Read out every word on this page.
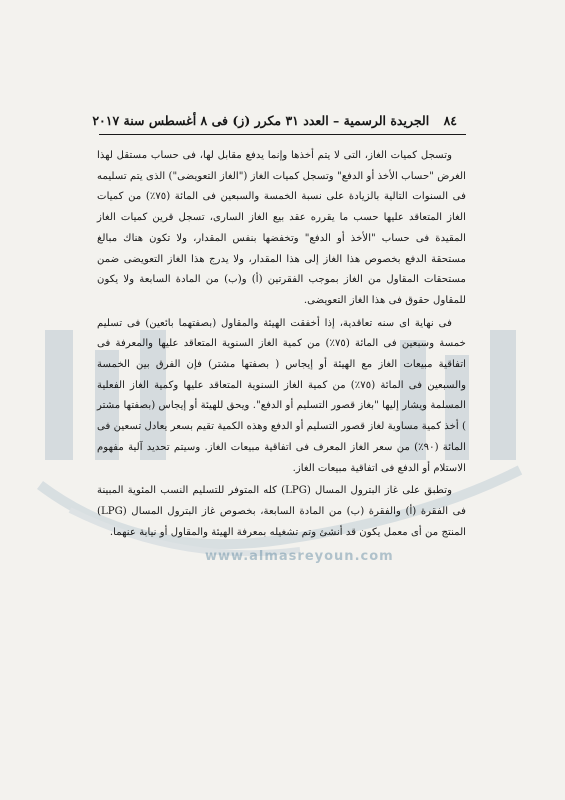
www.almasreyoun.com
٨٤ الجريدة الرسمية – العدد ٣١ مكرر (ز) فى ٨ أغسطس سنة ٢٠١٧

وتسجل كميات الغاز، التى لا يتم أخذها وإنما يدفع مقابل لها، فى حساب مستقل لهذا الغرض "حساب الأخذ أو الدفع" وتسجل كميات الغاز ("الغاز التعويضى") الذى يتم تسليمه فى السنوات التالية بالزيادة على نسبة الخمسة والسبعين فى المائة (٧٥٪) من كميات الغاز المتعاقد عليها حسب ما يقرره عقد بيع الغاز السارى، تسجل قرين كميات الغاز المقيدة فى حساب "الأخذ أو الدفع" وتخفضها بنفس المقدار، ولا تكون هناك مبالغ مستحقة الدفع بخصوص هذا الغاز إلى هذا المقدار، ولا يدرج هذا الغاز التعويضى ضمن مستحقات المقاول من الغاز بموجب الفقرتين (أ) و(ب) من المادة السابعة ولا يكون للمقاول حقوق فى هذا الغاز التعويضى.

فى نهاية اى سنه تعاقدية، إذا أخفقت الهيئة والمقاول (بصفتهما بائعين) فى تسليم خمسة وسبعين فى المائة (٧٥٪) من كمية الغاز السنوية المتعاقد عليها والمعرفة فى اتفاقية مبيعات الغاز مع الهيئة أو إيجاس ( بصفتها مشتر) فإن الفرق بين الخمسة والسبعين فى المائة (٧٥٪) من كمية الغاز السنوية المتعاقد عليها وكمية الغاز الفعلية المسلمة ويشار إليها "بغاز قصور التسليم أو الدفع". ويحق للهيئة أو إيجاس (بصفتها مشتر ) أخذ كمية مساوية لغاز قصور التسليم أو الدفع وهذه الكمية تقيم بسعر يعادل تسعين فى المائة (٩٠٪) من سعر الغاز المعرف فى اتفاقية مبيعات الغاز. وسيتم تحديد آلية مفهوم الاستلام أو الدفع فى اتفاقية مبيعات الغاز.

وتطبق على غاز البترول المسال (LPG) كله المتوفر للتسليم النسب المئوية المبينة فى الفقرة (أ) والفقرة (ب) من المادة السابعة، بخصوص غاز البترول المسال (LPG) المنتج من أى معمل يكون قد أنشئ وتم تشغيله بمعرفة الهيئة والمقاول أو نيابة عنهما.
